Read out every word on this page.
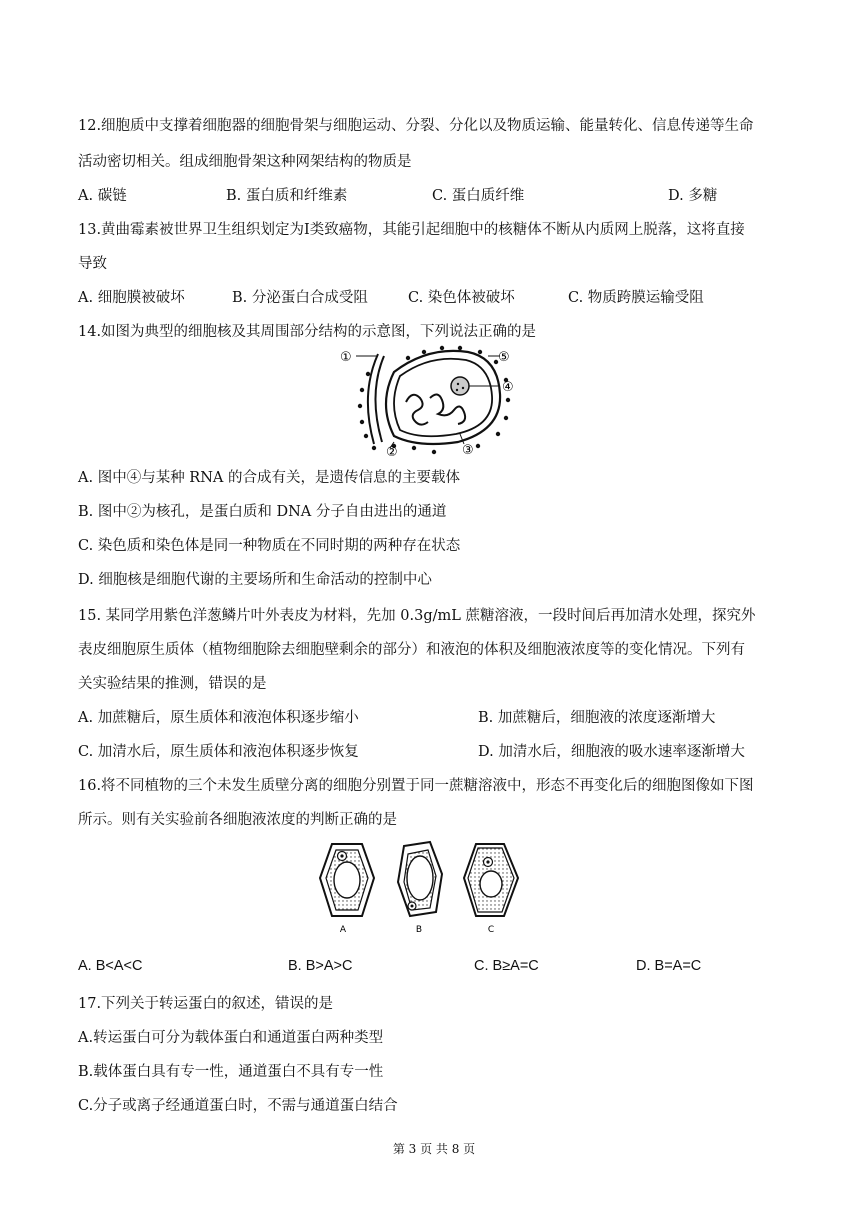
12.细胞质中支撑着细胞器的细胞骨架与细胞运动、分裂、分化以及物质运输、能量转化、信息传递等生命
活动密切相关。组成细胞骨架这种网架结构的物质是
A. 碳链	B. 蛋白质和纤维素	C. 蛋白质纤维	D. 多糖
13.黄曲霉素被世界卫生组织划定为Ⅰ类致癌物，其能引起细胞中的核糖体不断从内质网上脱落，这将直接
导致
A. 细胞膜被破坏	B. 分泌蛋白合成受阻	C. 染色体被破坏	C. 物质跨膜运输受阻
14.如图为典型的细胞核及其周围部分结构的示意图，下列说法正确的是
①
②	③
④
⑤
A. 图中④与某种 RNA 的合成有关，是遗传信息的主要载体
B. 图中②为核孔，是蛋白质和 DNA 分子自由进出的通道
C. 染色质和染色体是同一种物质在不同时期的两种存在状态
D. 细胞核是细胞代谢的主要场所和生命活动的控制中心
15. 某同学用紫色洋葱鳞片叶外表皮为材料，先加 0.3g/mL 蔗糖溶液，一段时间后再加清水处理，探究外
表皮细胞原生质体（植物细胞除去细胞壁剩余的部分）和液泡的体积及细胞液浓度等的变化情况。下列有
关实验结果的推测，错误的是
A. 加蔗糖后，原生质体和液泡体积逐步缩小	B. 加蔗糖后，细胞液的浓度逐渐增大
C. 加清水后，原生质体和液泡体积逐步恢复	D. 加清水后，细胞液的吸水速率逐渐增大
16.将不同植物的三个未发生质壁分离的细胞分别置于同一蔗糖溶液中，形态不再变化后的细胞图像如下图
所示。则有关实验前各细胞液浓度的判断正确的是
A	B	C
A. B<A<C	B. B>A>C	C. B≥A=C	D. B=A=C
17.下列关于转运蛋白的叙述，错误的是
A.转运蛋白可分为载体蛋白和通道蛋白两种类型
B.载体蛋白具有专一性，通道蛋白不具有专一性
C.分子或离子经通道蛋白时，不需与通道蛋白结合
第 3 页 共 8 页
